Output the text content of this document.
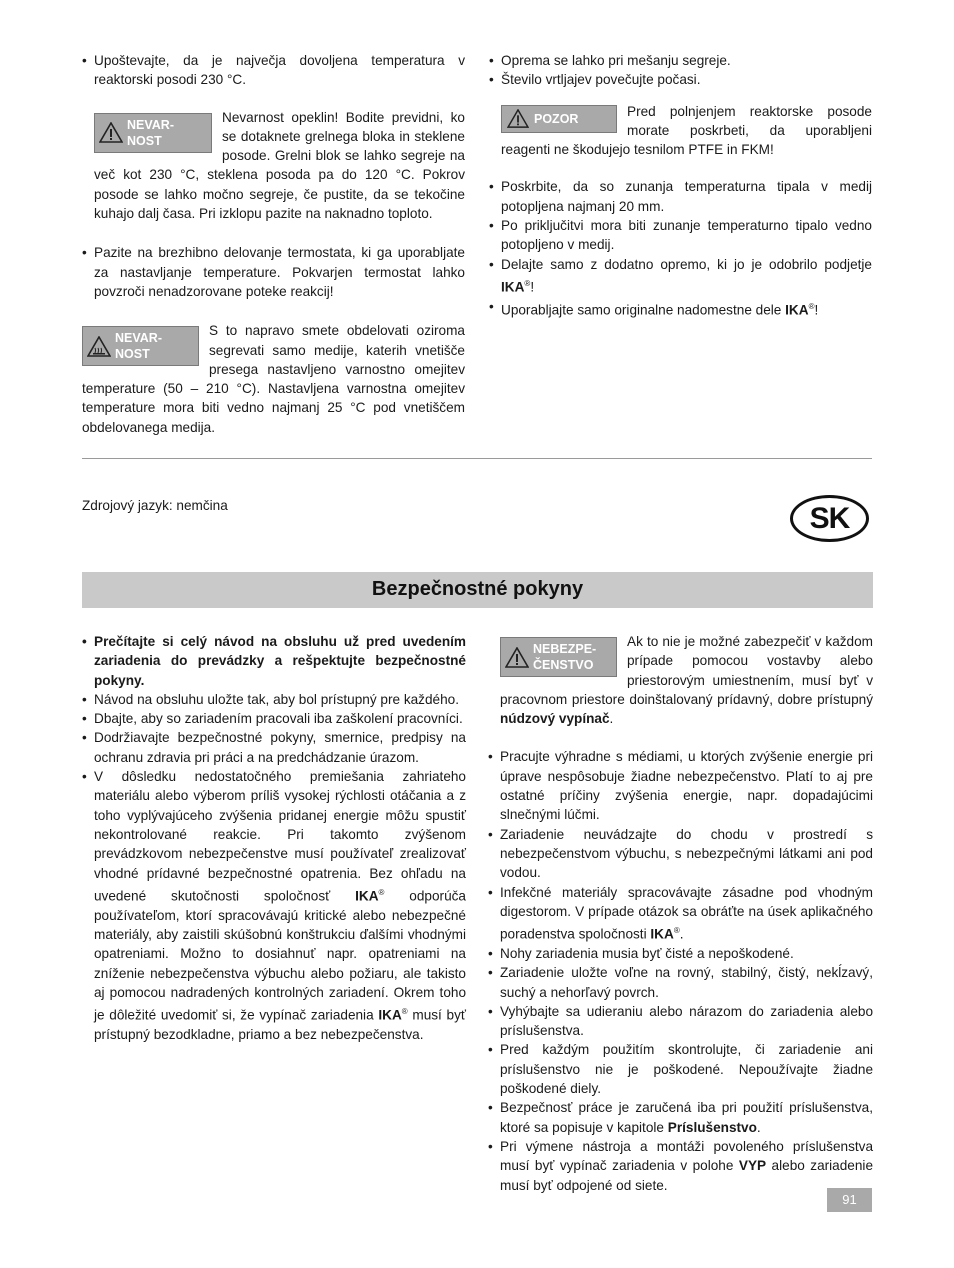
• Upoštevajte, da je največja dovoljena temperatura v reaktorski posodi 230 °C.
NEVAR-
NOST
Nevarnost opeklin! Bodite previdni, ko se dotaknete grelnega bloka in steklene posode. Grelni blok se lahko segreje na več kot 230 °C, steklena posoda pa do 120 °C. Pokrov posode se lahko močno segreje, če pustite, da se tekočine kuhajo dalj časa. Pri izklopu pazite na naknadno toploto.
• Pazite na brezhibno delovanje termostata, ki ga uporabljate za nastavljanje temperature. Pokvarjen termostat lahko povzroči nenadzorovane poteke reakcij!
NEVAR-
NOST
S to napravo smete obdelovati oziroma segrevati samo medije, katerih vnetišče presega nastavljeno varnostno omejitev temperature (50 – 210 °C). Nastavljena varnostna omejitev temperature mora biti vedno najmanj 25 °C pod vnetiščem obdelovanega medija.
• Oprema se lahko pri mešanju segreje.
• Število vrtljajev povečujte počasi.
POZOR	Pred polnjenjem reaktorske posode morate poskrbeti, da uporabljeni reagenti ne škodujejo tesnilom PTFE in FKM!
• Poskrbite, da so zunanja temperaturna tipala v medij potopljena najmanj 20 mm.
• Po priključitvi mora biti zunanje temperaturno tipalo vedno potopljeno v medij.
• Delajte samo z dodatno opremo, ki jo je odobrilo podjetje IKA®!
• Uporabljajte samo originalne nadomestne dele IKA®!
Zdrojový jazyk: nemčina	SK
Bezpečnostné pokyny
• Prečítajte si celý návod na obsluhu už pred uvedením zariadenia do prevádzky a rešpektujte bezpečnostné pokyny.
• Návod na obsluhu uložte tak, aby bol prístupný pre každého.
• Dbajte, aby so zariadením pracovali iba zaškolení pracovníci.
• Dodržiavajte bezpečnostné pokyny, smernice, predpisy na ochranu zdravia pri práci a na predchádzanie úrazom.
• V dôsledku nedostatočného premiešania zahriateho materiálu alebo výberom príliš vysokej rýchlosti otáčania a z toho vyplývajúceho zvýšenia pridanej energie môžu spustiť nekontrolované reakcie. Pri takomto zvýšenom prevádzkovom nebezpečenstve musí používateľ zrealizovať vhodné prídavné bezpečnostné opatrenia. Bez ohľadu na uvedené skutočnosti spoločnosť IKA® odporúča používateľom, ktorí spracovávajú kritické alebo nebezpečné materiály, aby zaistili skúšobnú konštrukciu ďalšími vhodnými opatreniami. Možno to dosiahnuť napr. opatreniami na zníženie nebezpečenstva výbuchu alebo požiaru, ale takisto aj pomocou nadradených kontrolných zariadení. Okrem toho je dôležité uvedomiť si, že vypínač zariadenia IKA® musí byť prístupný bezodkladne, priamo a bez nebezpečenstva.
NEBEZPE-
ČENSTVO
Ak to nie je možné zabezpečiť v každom prípade pomocou vostavby alebo priestorovým umiestnením, musí byť v pracovnom priestore doinštalovaný prídavný, dobre prístupný núdzový vypínač.
• Pracujte výhradne s médiami, u ktorých zvýšenie energie pri úprave nespôsobuje žiadne nebezpečenstvo. Platí to aj pre ostatné príčiny zvýšenia energie, napr. dopadajúcimi slnečnými lúčmi.
• Zariadenie neuvádzajte do chodu v prostredí s nebezpečenstvom výbuchu, s nebezpečnými látkami ani pod vodou.
• Infekčné materiály spracovávajte zásadne pod vhodným digestorom. V prípade otázok sa obráťte na úsek aplikačného poradenstva spoločnosti IKA®.
• Nohy zariadenia musia byť čisté a nepoškodené.
• Zariadenie uložte voľne na rovný, stabilný, čistý, nekĺzavý, suchý a nehorľavý povrch.
• Vyhýbajte sa udieraniu alebo nárazom do zariadenia alebo príslušenstva.
• Pred každým použitím skontrolujte, či zariadenie ani príslušenstvo nie je poškodené. Nepoužívajte žiadne poškodené diely.
• Bezpečnosť práce je zaručená iba pri použití príslušenstva, ktoré sa popisuje v kapitole Príslušenstvo.
• Pri výmene nástroja a montáži povoleného príslušenstva musí byť vypínač zariadenia v polohe VYP alebo zariadenie musí byť odpojené od siete.
91
